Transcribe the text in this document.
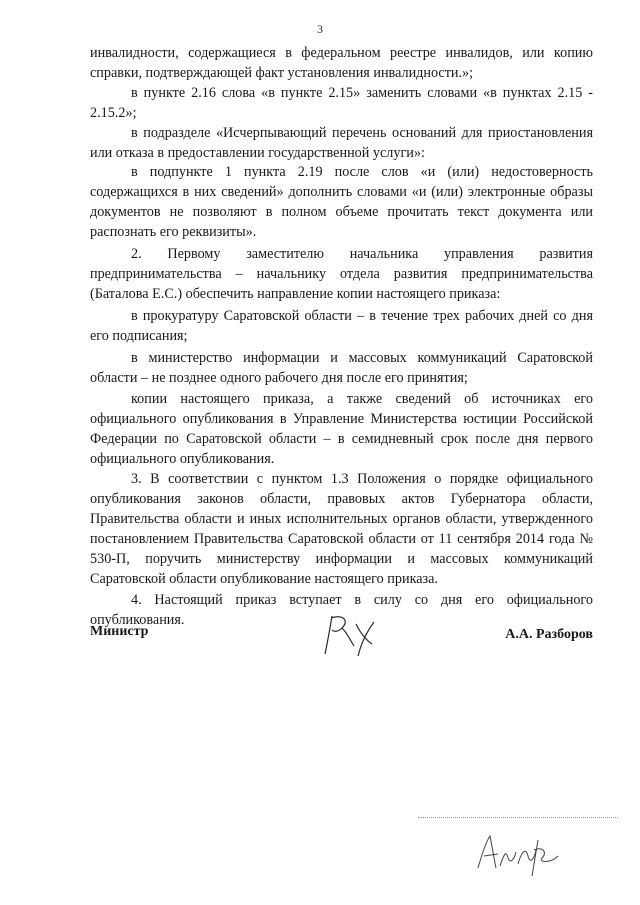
3

инвалидности, содержащиеся в федеральном реестре инвалидов, или копию справки, подтверждающей факт установления инвалидности.»;

в пункте 2.16 слова «в пункте 2.15» заменить словами «в пунктах 2.15 - 2.15.2»;

в подразделе «Исчерпывающий перечень оснований для приостановления или отказа в предоставлении государственной услуги»:

в подпункте 1 пункта 2.19 после слов «и (или) недостоверность содержащихся в них сведений» дополнить словами «и (или) электронные образы документов не позволяют в полном объеме прочитать текст документа или распознать его реквизиты».

2. Первому заместителю начальника управления развития предпринимательства – начальнику отдела развития предпринимательства (Баталова Е.С.) обеспечить направление копии настоящего приказа:

в прокуратуру Саратовской области – в течение трех рабочих дней со дня его подписания;

в министерство информации и массовых коммуникаций Саратовской области – не позднее одного рабочего дня после его принятия;

копии настоящего приказа, а также сведений об источниках его официального опубликования в Управление Министерства юстиции Российской Федерации по Саратовской области – в семидневный срок после дня первого официального опубликования.

3. В соответствии с пунктом 1.3 Положения о порядке официального опубликования законов области, правовых актов Губернатора области, Правительства области и иных исполнительных органов области, утвержденного постановлением Правительства Саратовской области от 11 сентября 2014 года № 530-П, поручить министерству информации и массовых коммуникаций Саратовской области опубликование настоящего приказа.

4. Настоящий приказ вступает в силу со дня его официального опубликования.

Министр	А.А. Разборов
